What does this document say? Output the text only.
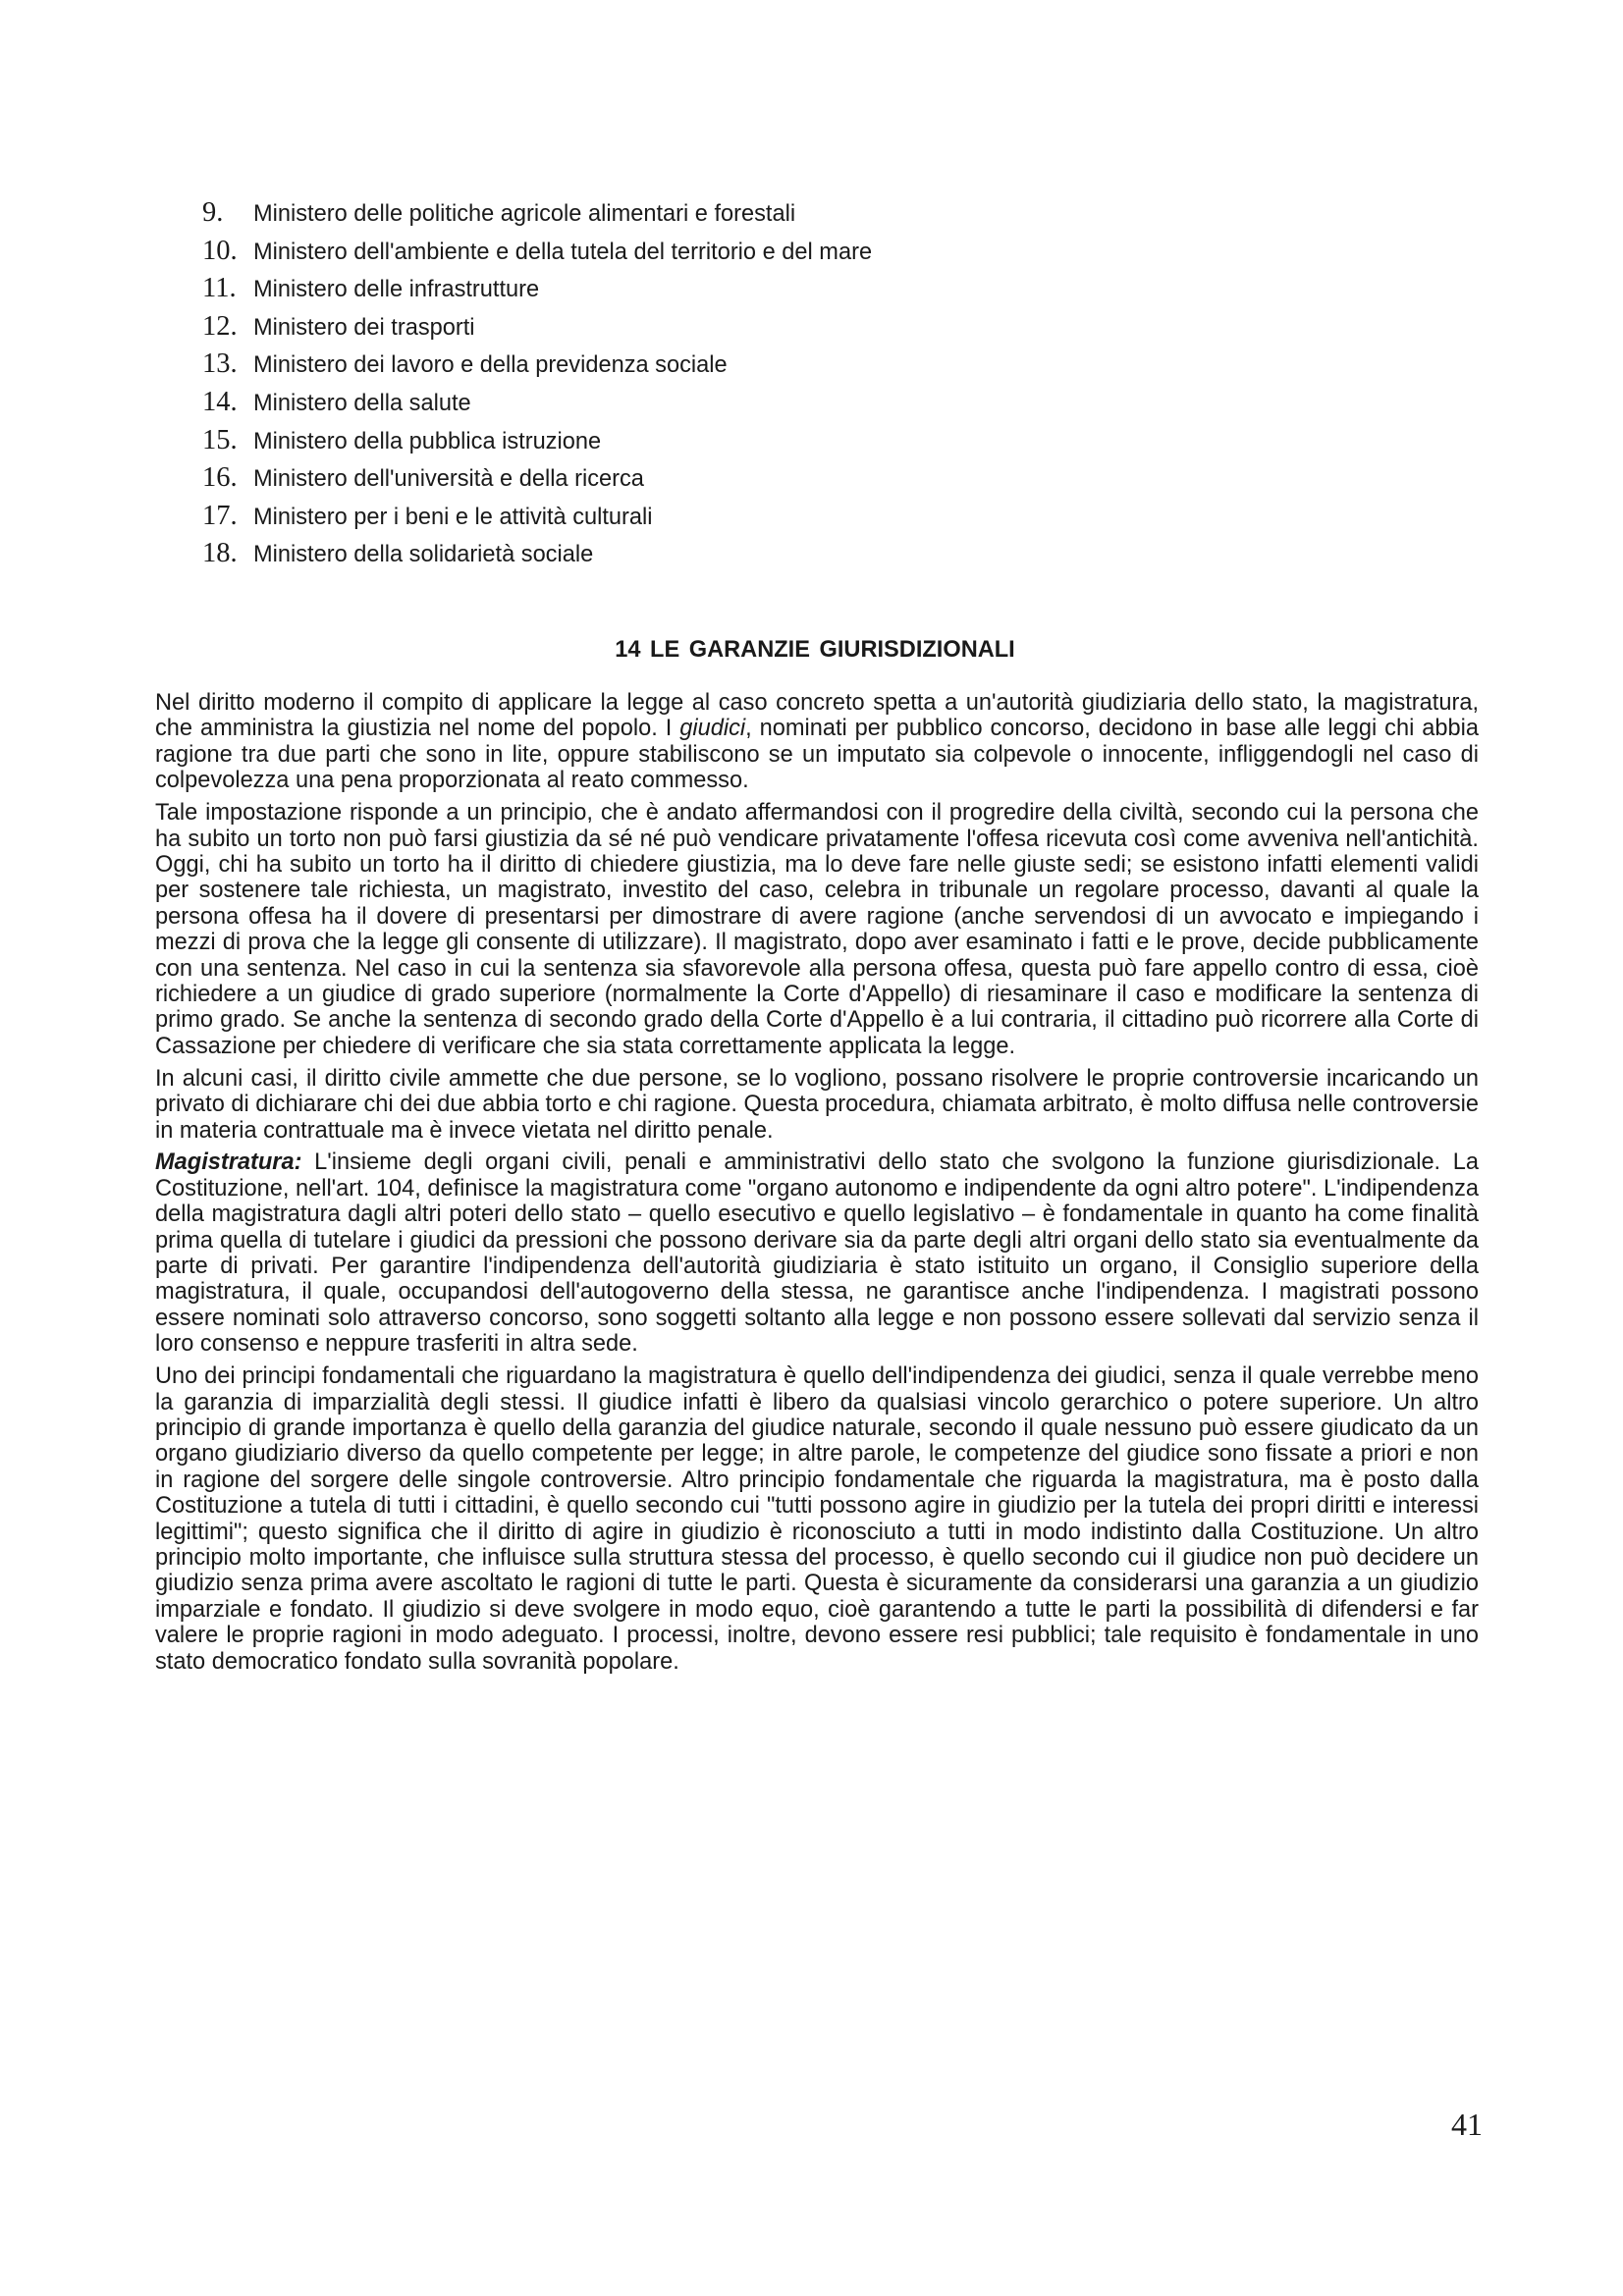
9.	Ministero delle politiche agricole alimentari e forestali
10. Ministero dell'ambiente e della tutela del territorio e del mare
11. Ministero delle infrastrutture
12. Ministero dei trasporti
13. Ministero dei lavoro e della previdenza sociale
14. Ministero della salute
15. Ministero della pubblica istruzione
16. Ministero dell'università e della ricerca
17. Ministero per i beni e le attività culturali
18. Ministero della solidarietà sociale
14 LE GARANZIE GIURISDIZIONALI

Nel diritto moderno il compito di applicare la legge al caso concreto spetta a un'autorità giudiziaria dello stato, la magistratura, che amministra la giustizia nel nome del popolo. I giudici, nominati per pubblico concorso, decidono in base alle leggi chi abbia ragione tra due parti che sono in lite, oppure stabiliscono se un imputato sia colpevole o innocente, infliggendogli nel caso di colpevolezza una pena proporzionata al reato commesso.

Tale impostazione risponde a un principio, che è andato affermandosi con il progredire della civiltà, secondo cui la persona che ha subito un torto non può farsi giustizia da sé né può vendicare privatamente l'offesa ricevuta così come avveniva nell'antichità. Oggi, chi ha subito un torto ha il diritto di chiedere giustizia, ma lo deve fare nelle giuste sedi; se esistono infatti elementi validi per sostenere tale richiesta, un magistrato, investito del caso, celebra in tribunale un regolare processo, davanti al quale la persona offesa ha il dovere di presentarsi per dimostrare di avere ragione (anche servendosi di un avvocato e impiegando i mezzi di prova che la legge gli consente di utilizzare). Il magistrato, dopo aver esaminato i fatti e le prove, decide pubblicamente con una sentenza. Nel caso in cui la sentenza sia sfavorevole alla persona offesa, questa può fare appello contro di essa, cioè richiedere a un giudice di grado superiore (normalmente la Corte d'Appello) di riesaminare il caso e modificare la sentenza di primo grado. Se anche la sentenza di secondo grado della Corte d'Appello è a lui contraria, il cittadino può ricorrere alla Corte di Cassazione per chiedere di verificare che sia stata correttamente applicata la legge.

In alcuni casi, il diritto civile ammette che due persone, se lo vogliono, possano risolvere le proprie controversie incaricando un privato di dichiarare chi dei due abbia torto e chi ragione. Questa procedura, chiamata arbitrato, è molto diffusa nelle controversie in materia contrattuale ma è invece vietata nel diritto penale.

Magistratura: L'insieme degli organi civili, penali e amministrativi dello stato che svolgono la funzione giurisdizionale. La Costituzione, nell'art. 104, definisce la magistratura come "organo autonomo e indipendente da ogni altro potere". L'indipendenza della magistratura dagli altri poteri dello stato – quello esecutivo e quello legislativo – è fondamentale in quanto ha come finalità prima quella di tutelare i giudici da pressioni che possono derivare sia da parte degli altri organi dello stato sia eventualmente da parte di privati. Per garantire l'indipendenza dell'autorità giudiziaria è stato istituito un organo, il Consiglio superiore della magistratura, il quale, occupandosi dell'autogoverno della stessa, ne garantisce anche l'indipendenza. I magistrati possono essere nominati solo attraverso concorso, sono soggetti soltanto alla legge e non possono essere sollevati dal servizio senza il loro consenso e neppure trasferiti in altra sede.

Uno dei principi fondamentali che riguardano la magistratura è quello dell'indipendenza dei giudici, senza il quale verrebbe meno la garanzia di imparzialità degli stessi. Il giudice infatti è libero da qualsiasi vincolo gerarchico o potere superiore. Un altro principio di grande importanza è quello della garanzia del giudice naturale, secondo il quale nessuno può essere giudicato da un organo giudiziario diverso da quello competente per legge; in altre parole, le competenze del giudice sono fissate a priori e non in ragione del sorgere delle singole controversie. Altro principio fondamentale che riguarda la magistratura, ma è posto dalla Costituzione a tutela di tutti i cittadini, è quello secondo cui "tutti possono agire in giudizio per la tutela dei propri diritti e interessi legittimi"; questo significa che il diritto di agire in giudizio è riconosciuto a tutti in modo indistinto dalla Costituzione. Un altro principio molto importante, che influisce sulla struttura stessa del processo, è quello secondo cui il giudice non può decidere un giudizio senza prima avere ascoltato le ragioni di tutte le parti. Questa è sicuramente da considerarsi una garanzia a un giudizio imparziale e fondato. Il giudizio si deve svolgere in modo equo, cioè garantendo a tutte le parti la possibilità di difendersi e far valere le proprie ragioni in modo adeguato. I processi, inoltre, devono essere resi pubblici; tale requisito è fondamentale in uno stato democratico fondato sulla sovranità popolare.

41
